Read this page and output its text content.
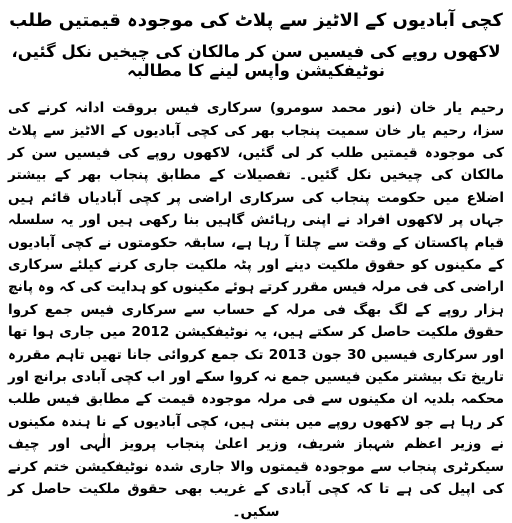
کچی آبادیوں کے الاٹیز سے پلاٹ کی موجودہ قیمتیں طلب

لاکھوں روپے کی فیسیں سن کر مالکان کی چیخیں نکل گئیں، نوٹیفکیشن واپس لینے کا مطالبہ

رحیم یار خان (نور محمد سومرو) سرکاری فیس بروقت ادانہ کرنے کی سزا، رحیم یار خان سمیت پنجاب بھر کی کچی آبادیوں کے الاٹیز سے پلاٹ کی موجودہ قیمتیں طلب کر لی گئیں، لاکھوں روپے کی فیسیں سن کر مالکان کی چیخیں نکل گئیں۔ تفصیلات کے مطابق پنجاب بھر کے بیشتر اضلاع میں حکومت پنجاب کی سرکاری اراضی پر کچی آبادیاں قائم ہیں جہاں پر لاکھوں افراد نے اپنی رہائش گاہیں بنا رکھی ہیں اور یہ سلسلہ قیام پاکستان کے وقت سے چلتا آ رہا ہے، سابقہ حکومتوں نے کچی آبادیوں کے مکینوں کو حقوق ملکیت دینے اور پٹہ ملکیت جاری کرنے کیلئے سرکاری اراضی کی فی مرلہ فیس مقرر کرتے ہوئے مکینوں کو ہدایت کی کہ وہ پانچ ہزار روپے کے لگ بھگ فی مرلہ کے حساب سے سرکاری فیس جمع کروا حقوق ملکیت حاصل کر سکتے ہیں، یہ نوٹیفکیشن 2012 میں جاری ہوا تھا اور سرکاری فیسیں 30 جون 2013 تک جمع کروائی جانا تھیں تاہم مقررہ تاریخ تک بیشتر مکین فیسیں جمع نہ کروا سکے اور اب کچی آبادی برانچ اور محکمہ بلدیہ ان مکینوں سے فی مرلہ موجودہ قیمت کے مطابق فیس طلب کر رہا ہے جو لاکھوں روپے میں بنتی ہیں، کچی آبادیوں کے نا ہندہ مکینوں نے وزیر اعظم شہباز شریف، وزیر اعلیٰ پنجاب پرویز الٰہی اور چیف سیکرٹری پنجاب سے موجودہ قیمتوں والا جاری شدہ نوٹیفکیشن ختم کرنے کی اپیل کی ہے تا کہ کچی آبادی کے غریب بھی حقوق ملکیت حاصل کر سکیں۔
